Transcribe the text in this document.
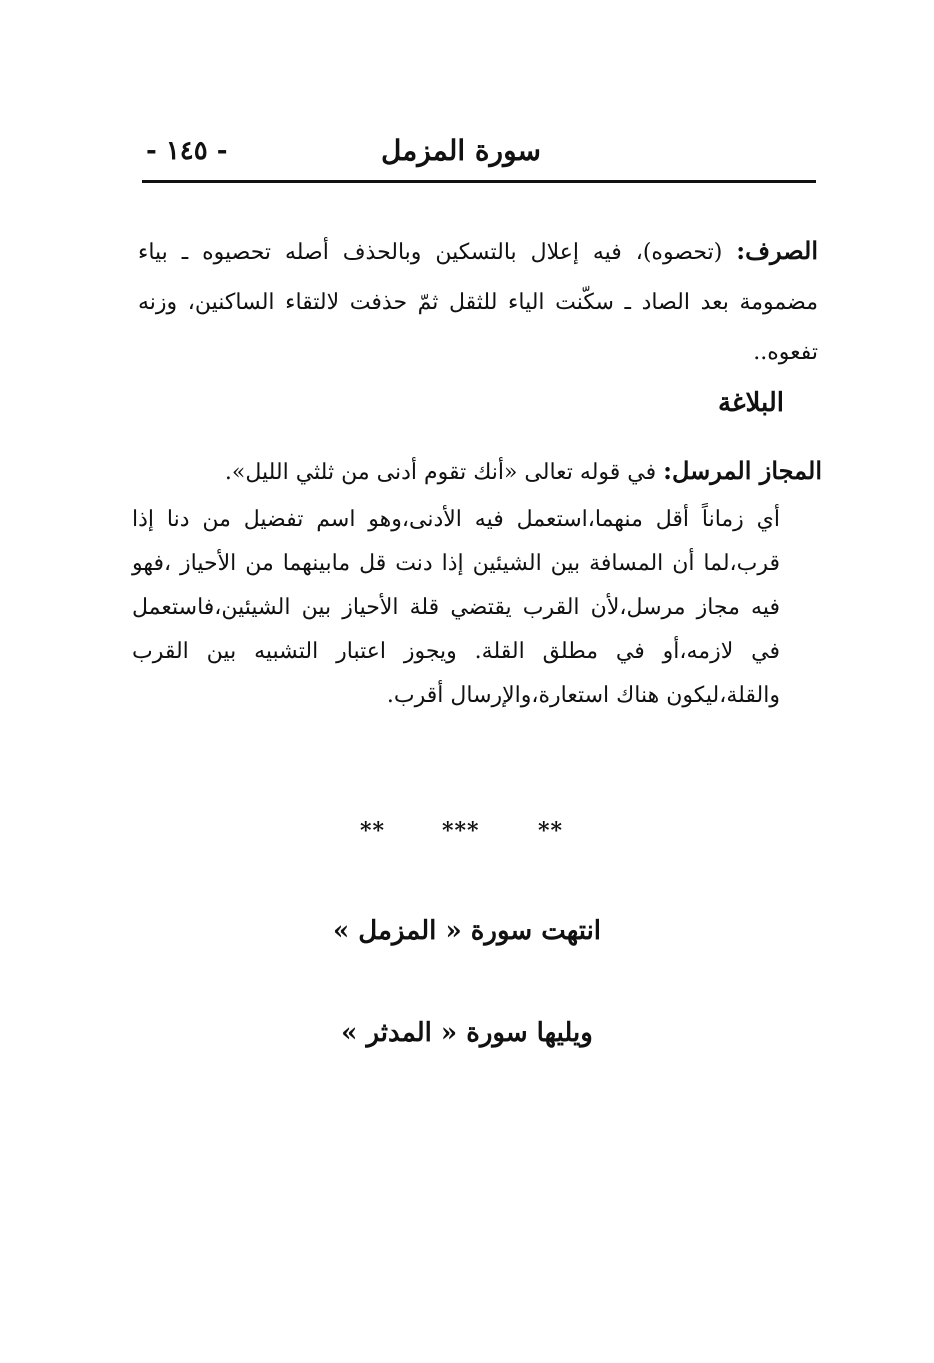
- ١٤٥ -	سورة المزمل
الصرف: (تحصوه)، فيه إعلال بالتسكين وبالحذف أصله تحصيوه ـ بياء مضمومة بعد الصاد ـ سكّنت الياء للثقل ثمّ حذفت لالتقاء الساكنين، وزنه تفعوه..
البلاغة
المجاز المرسل: في قوله تعالى «أنك تقوم أدنى من ثلثي الليل».
أي زماناً أقل منهما،استعمل فيه الأدنى،وهو اسم تفضيل من دنا إذا قرب،لما أن المسافة بين الشيئين إذا دنت قل مابينهما من الأحياز ،فهو فيه مجاز مرسل،لأن القرب يقتضي قلة الأحياز بين الشيئين،فاستعمل في لازمه،أو في مطلق القلة. ويجوز اعتبار التشبيه بين القرب والقلة،ليكون هناك استعارة،والإرسال أقرب.
**	***	**
انتهت سورة « المزمل »
ويليها سورة « المدثر »
